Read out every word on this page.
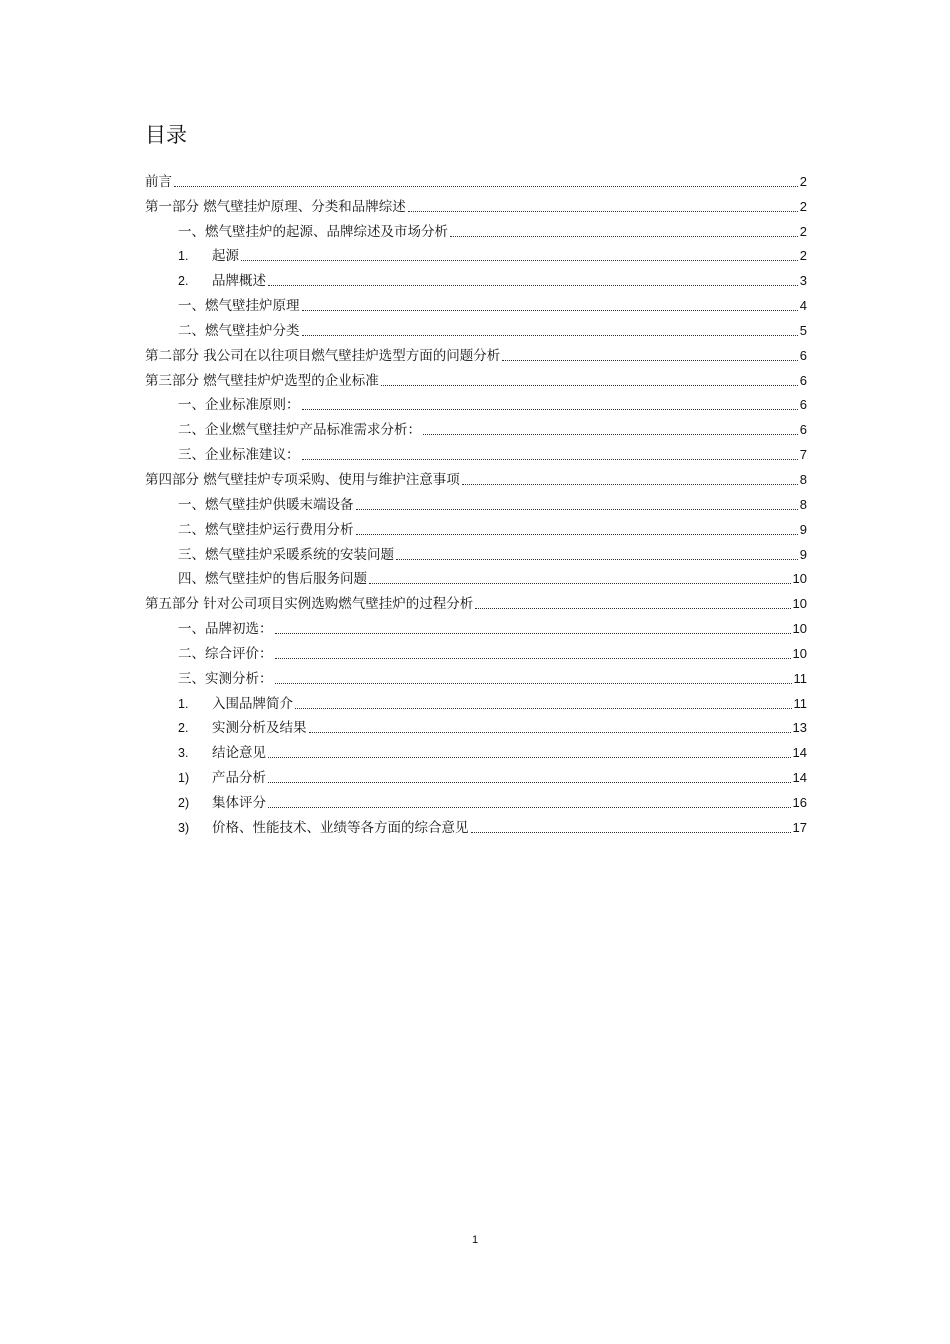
目录
前言	2
第一部分 燃气壁挂炉原理、分类和品牌综述	2
一、燃气壁挂炉的起源、品牌综述及市场分析	2
1.	起源	2
2.	品牌概述	3
一、燃气壁挂炉原理	4
二、燃气壁挂炉分类	5
第二部分 我公司在以往项目燃气壁挂炉选型方面的问题分析	6
第三部分 燃气壁挂炉炉选型的企业标准	6
一、企业标准原则：	6
二、企业燃气壁挂炉产品标准需求分析：	6
三、企业标准建议：	7
第四部分 燃气壁挂炉专项采购、使用与维护注意事项	8
一、燃气壁挂炉供暖末端设备	8
二、燃气壁挂炉运行费用分析	9
三、燃气壁挂炉采暖系统的安装问题	9
四、燃气壁挂炉的售后服务问题	10
第五部分 针对公司项目实例选购燃气壁挂炉的过程分析	10
一、品牌初选：	10
二、综合评价：	10
三、实测分析：	11
1.	入围品牌简介	11
2.	实测分析及结果	13
3.	结论意见	14
1)	产品分析	14
2)	集体评分	16
3)	价格、性能技术、业绩等各方面的综合意见	17
1
